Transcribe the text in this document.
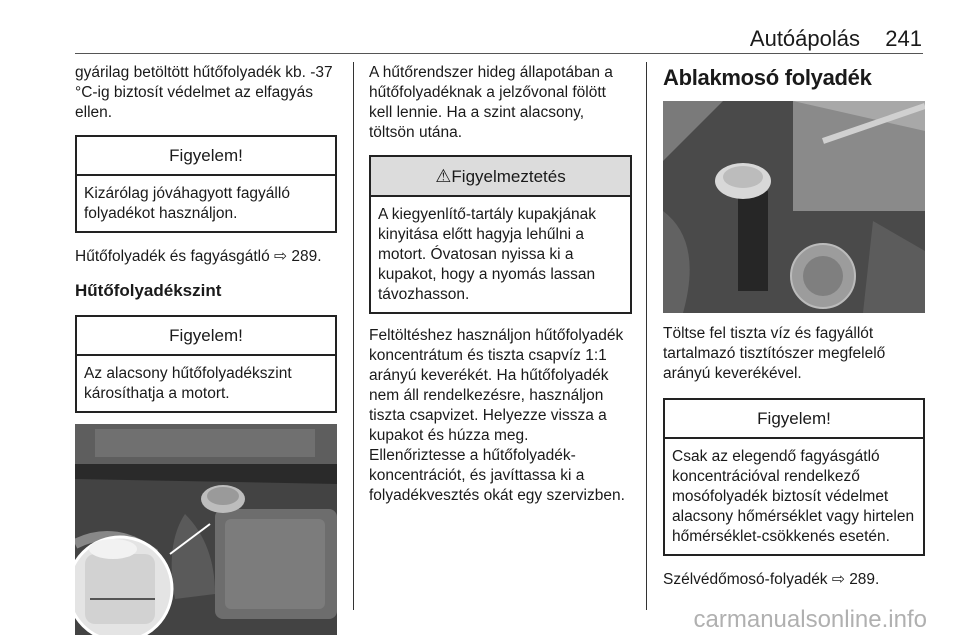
Autóápolás 241

gyárilag betöltött hűtőfolyadék kb. -37 °C-ig biztosít védelmet az elfagyás ellen.

Figyelem!
Kizárólag jóváhagyott fagyálló folyadékot használjon.

Hűtőfolyadék és fagyásgátló ⇨ 289.

Hűtőfolyadékszint

Figyelem!
Az alacsony hűtőfolyadékszint károsíthatja a motort.

A hűtőrendszer hideg állapotában a hűtőfolyadéknak a jelzővonal fölött kell lennie. Ha a szint alacsony, töltsön utána.

⚠Figyelmeztetés
A kiegyenlítő-tartály kupakjának kinyitása előtt hagyja lehűlni a motort. Óvatosan nyissa ki a kupakot, hogy a nyomás lassan távozhasson.

Feltöltéshez használjon hűtőfolyadék koncentrátum és tiszta csapvíz 1:1 arányú keverékét. Ha hűtőfolyadék nem áll rendelkezésre, használjon tiszta csapvizet. Helyezze vissza a kupakot és húzza meg.

Ellenőriztesse a hűtőfolyadék-koncentrációt, és javíttassa ki a folyadékvesztés okát egy szervizben.

Ablakmosó folyadék

Töltse fel tiszta víz és fagyállót tartalmazó tisztítószer megfelelő arányú keverékével.

Figyelem!
Csak az elegendő fagyásgátló koncentrációval rendelkező mosófolyadék biztosít védelmet alacsony hőmérséklet vagy hirtelen hőmérséklet-csökkenés esetén.

Szélvédőmosó-folyadék ⇨ 289.

carmanualsonline.info
